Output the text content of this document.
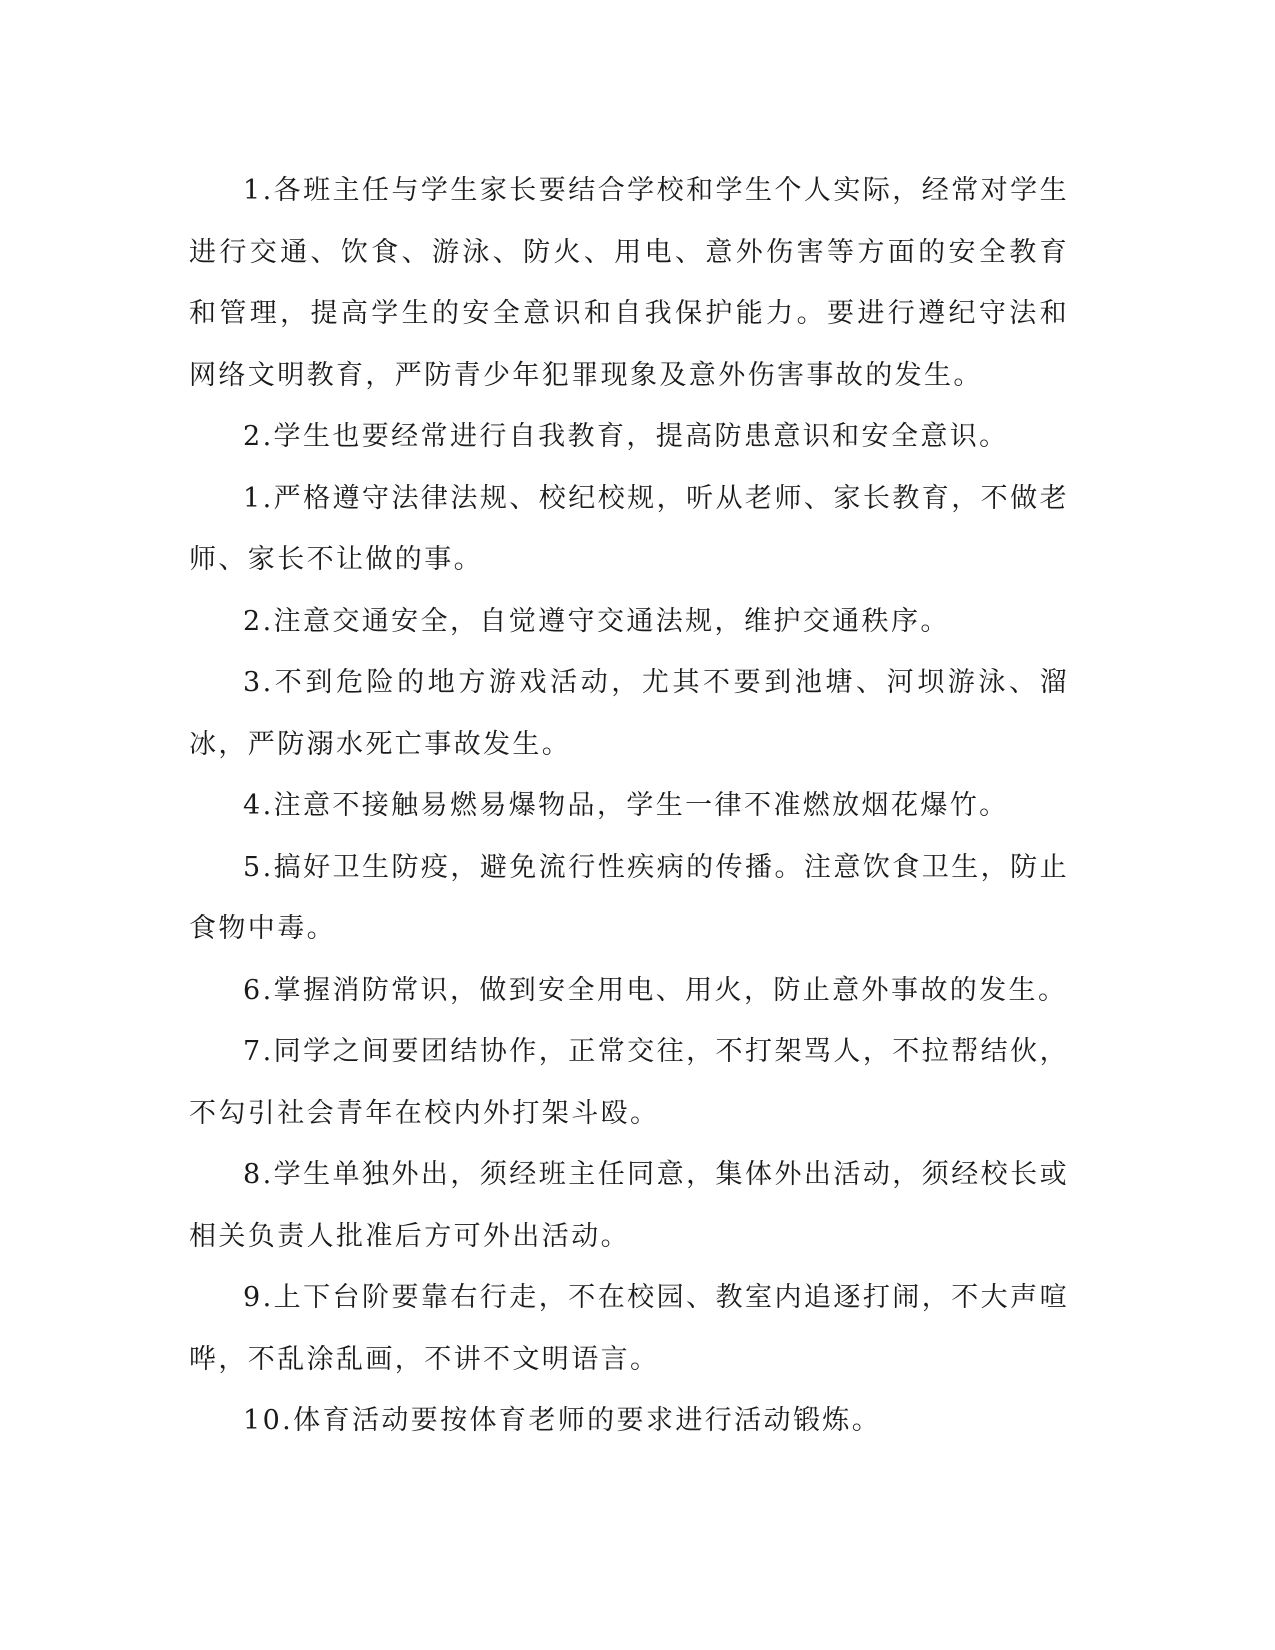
1.各班主任与学生家长要结合学校和学生个人实际，经常对学生进行交通、饮食、游泳、防火、用电、意外伤害等方面的安全教育和管理，提高学生的安全意识和自我保护能力。要进行遵纪守法和网络文明教育，严防青少年犯罪现象及意外伤害事故的发生。

2.学生也要经常进行自我教育，提高防患意识和安全意识。

1.严格遵守法律法规、校纪校规，听从老师、家长教育，不做老师、家长不让做的事。

2.注意交通安全，自觉遵守交通法规，维护交通秩序。

3.不到危险的地方游戏活动，尤其不要到池塘、河坝游泳、溜冰，严防溺水死亡事故发生。

4.注意不接触易燃易爆物品，学生一律不准燃放烟花爆竹。

5.搞好卫生防疫，避免流行性疾病的传播。注意饮食卫生，防止食物中毒。

6.掌握消防常识，做到安全用电、用火，防止意外事故的发生。

7.同学之间要团结协作，正常交往，不打架骂人，不拉帮结伙，不勾引社会青年在校内外打架斗殴。

8.学生单独外出，须经班主任同意，集体外出活动，须经校长或相关负责人批准后方可外出活动。

9.上下台阶要靠右行走，不在校园、教室内追逐打闹，不大声喧哗，不乱涂乱画，不讲不文明语言。

10.体育活动要按体育老师的要求进行活动锻炼。
